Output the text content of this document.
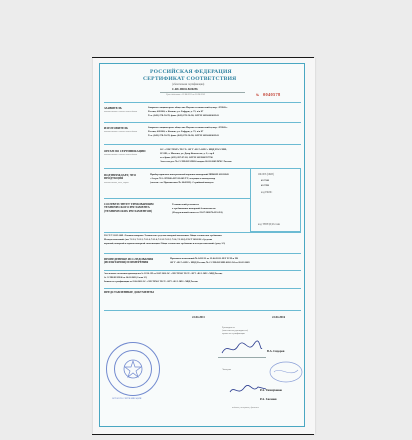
РОССИЙСКАЯ ФЕДЕРАЦИЯ
СЕРТИФИКАТ СООТВЕТСТВИЯ
(обязательная сертификация)
С-RU.ПБ16.В.00256
Срок действия с 22.04.2011 по 22.04.2016	№ 0040578
ЗАЯВИТЕЛЬ
наименование и место нахождения
Закрытое акционерное общество Научно-технический центр «ТЕКО».
Россия, 420108, г. Казань, ул. Гафури, д. 71, а/я 87
Тел. (843) 278-50-78, факс (843) 278-50-90, ОГРН 1021600363341
ИЗГОТОВИТЕЛЬ
наименование и место нахождения
Закрытое акционерное общество Научно-технический центр «ТЕКО».
Россия, 420108, г. Казань, ул. Гафури, д. 71, а/я 87
Тел. (843) 278-50-78, факс (843) 278-50-90, ОГРН 1021600363341
ОРГАН ПО СЕРТИФИКАЦИИ
наименование и место нахождения
ОС «СИСТЕМА ТЕСТ» ФГУ «ВСА ОПС» МВД РОССИИ,
115191, г. Москва, ул. Двор Колозеева, д. 2, стр.8
тел./факс (495) 287-97-82, ОГРН 1023900707790
Аттестат рег. № ССПБ.RU.ПБ16 выдан 26.03.2009 МЧС России
ПОДТВЕРЖДАЕТ, ЧТО ПРОДУКЦИЯ
наименование, тип, марка
Прибор приемно-контрольный охранно-пожарный ППКОП 01183349
«Астра-712» ИУКК.425513.009 ТУ, текущая в коммутатор
(состав: см. Приложение № 0042112). Серийный выпуск
ОК 005 (ОКП)
43 7241
43 7291
код ЕКПС
код ТН ВЭД России
СООТВЕТСТВУЕТ ТРЕБОВАНИЯМ ТЕХНИЧЕСКОГО РЕГЛАМЕНТА (ТЕХНИЧЕСКИХ РЕГЛАМЕНТОВ)
Технический регламент
о требованиях пожарной безопасности
(Федеральный закон от 22.07.2008 №123-ФЗ)
ГОСТ Р 53325-2009 «Техника пожарная. Технические средства пожарной автоматики. Общие технические требования.
Методы испытаний» (пп. 7.2.1.1, 7.2.1.2, 7.2.1.4, 7.2.1.6, 7.2.3.1-7.2.3.5, 7.2.6, 7.2.10.2), ГОСТ 16242-86 «Средства
охранной, пожарной и охранно-пожарной сигнализации. Общие технические требования и методы испытаний» (разд. 3-5)
ПРОВЕДЕННЫЕ ИССЛЕДОВАНИЯ (ИСПЫТАНИЯ) И ИЗМЕРЕНИЯ
Протокол испытаний № 0411/11 от 13.04.2011. ИЛ ТСП и ПЗ
ФГУ «ВСА ОПС» МВД России, № ССПБ.RU.ИН.009.1.94 от 20.05.2009
Акт анализа состояния производства № 32/10-СП от 18.07.2010 ОС «СИСТЕМА ТЕСТ» ФГУ «ВСА ОПС» МВД России,
№ ССПБ.RU.ПБ16 от 26.03.2009 (Схема 3С)
Заявка на сертификацию от 22.04.2011 ОС «СИСТЕМА ТЕСТ» ФГУ «ВСА ОПС» МВД России
ПРЕДСТАВЛЕННЫЕ ДОКУМЕНТЫ
22.04.2011	22.04.2016
Руководитель
(заместитель руководителя)
органа по сертификации
В.А. Сидоров
Эксперты
Р.А. Тимирханов
Р.А. Хасанов
подпись, инициалы, фамилия
ОРГАН ПО СЕРТИФИКАЦИИ
